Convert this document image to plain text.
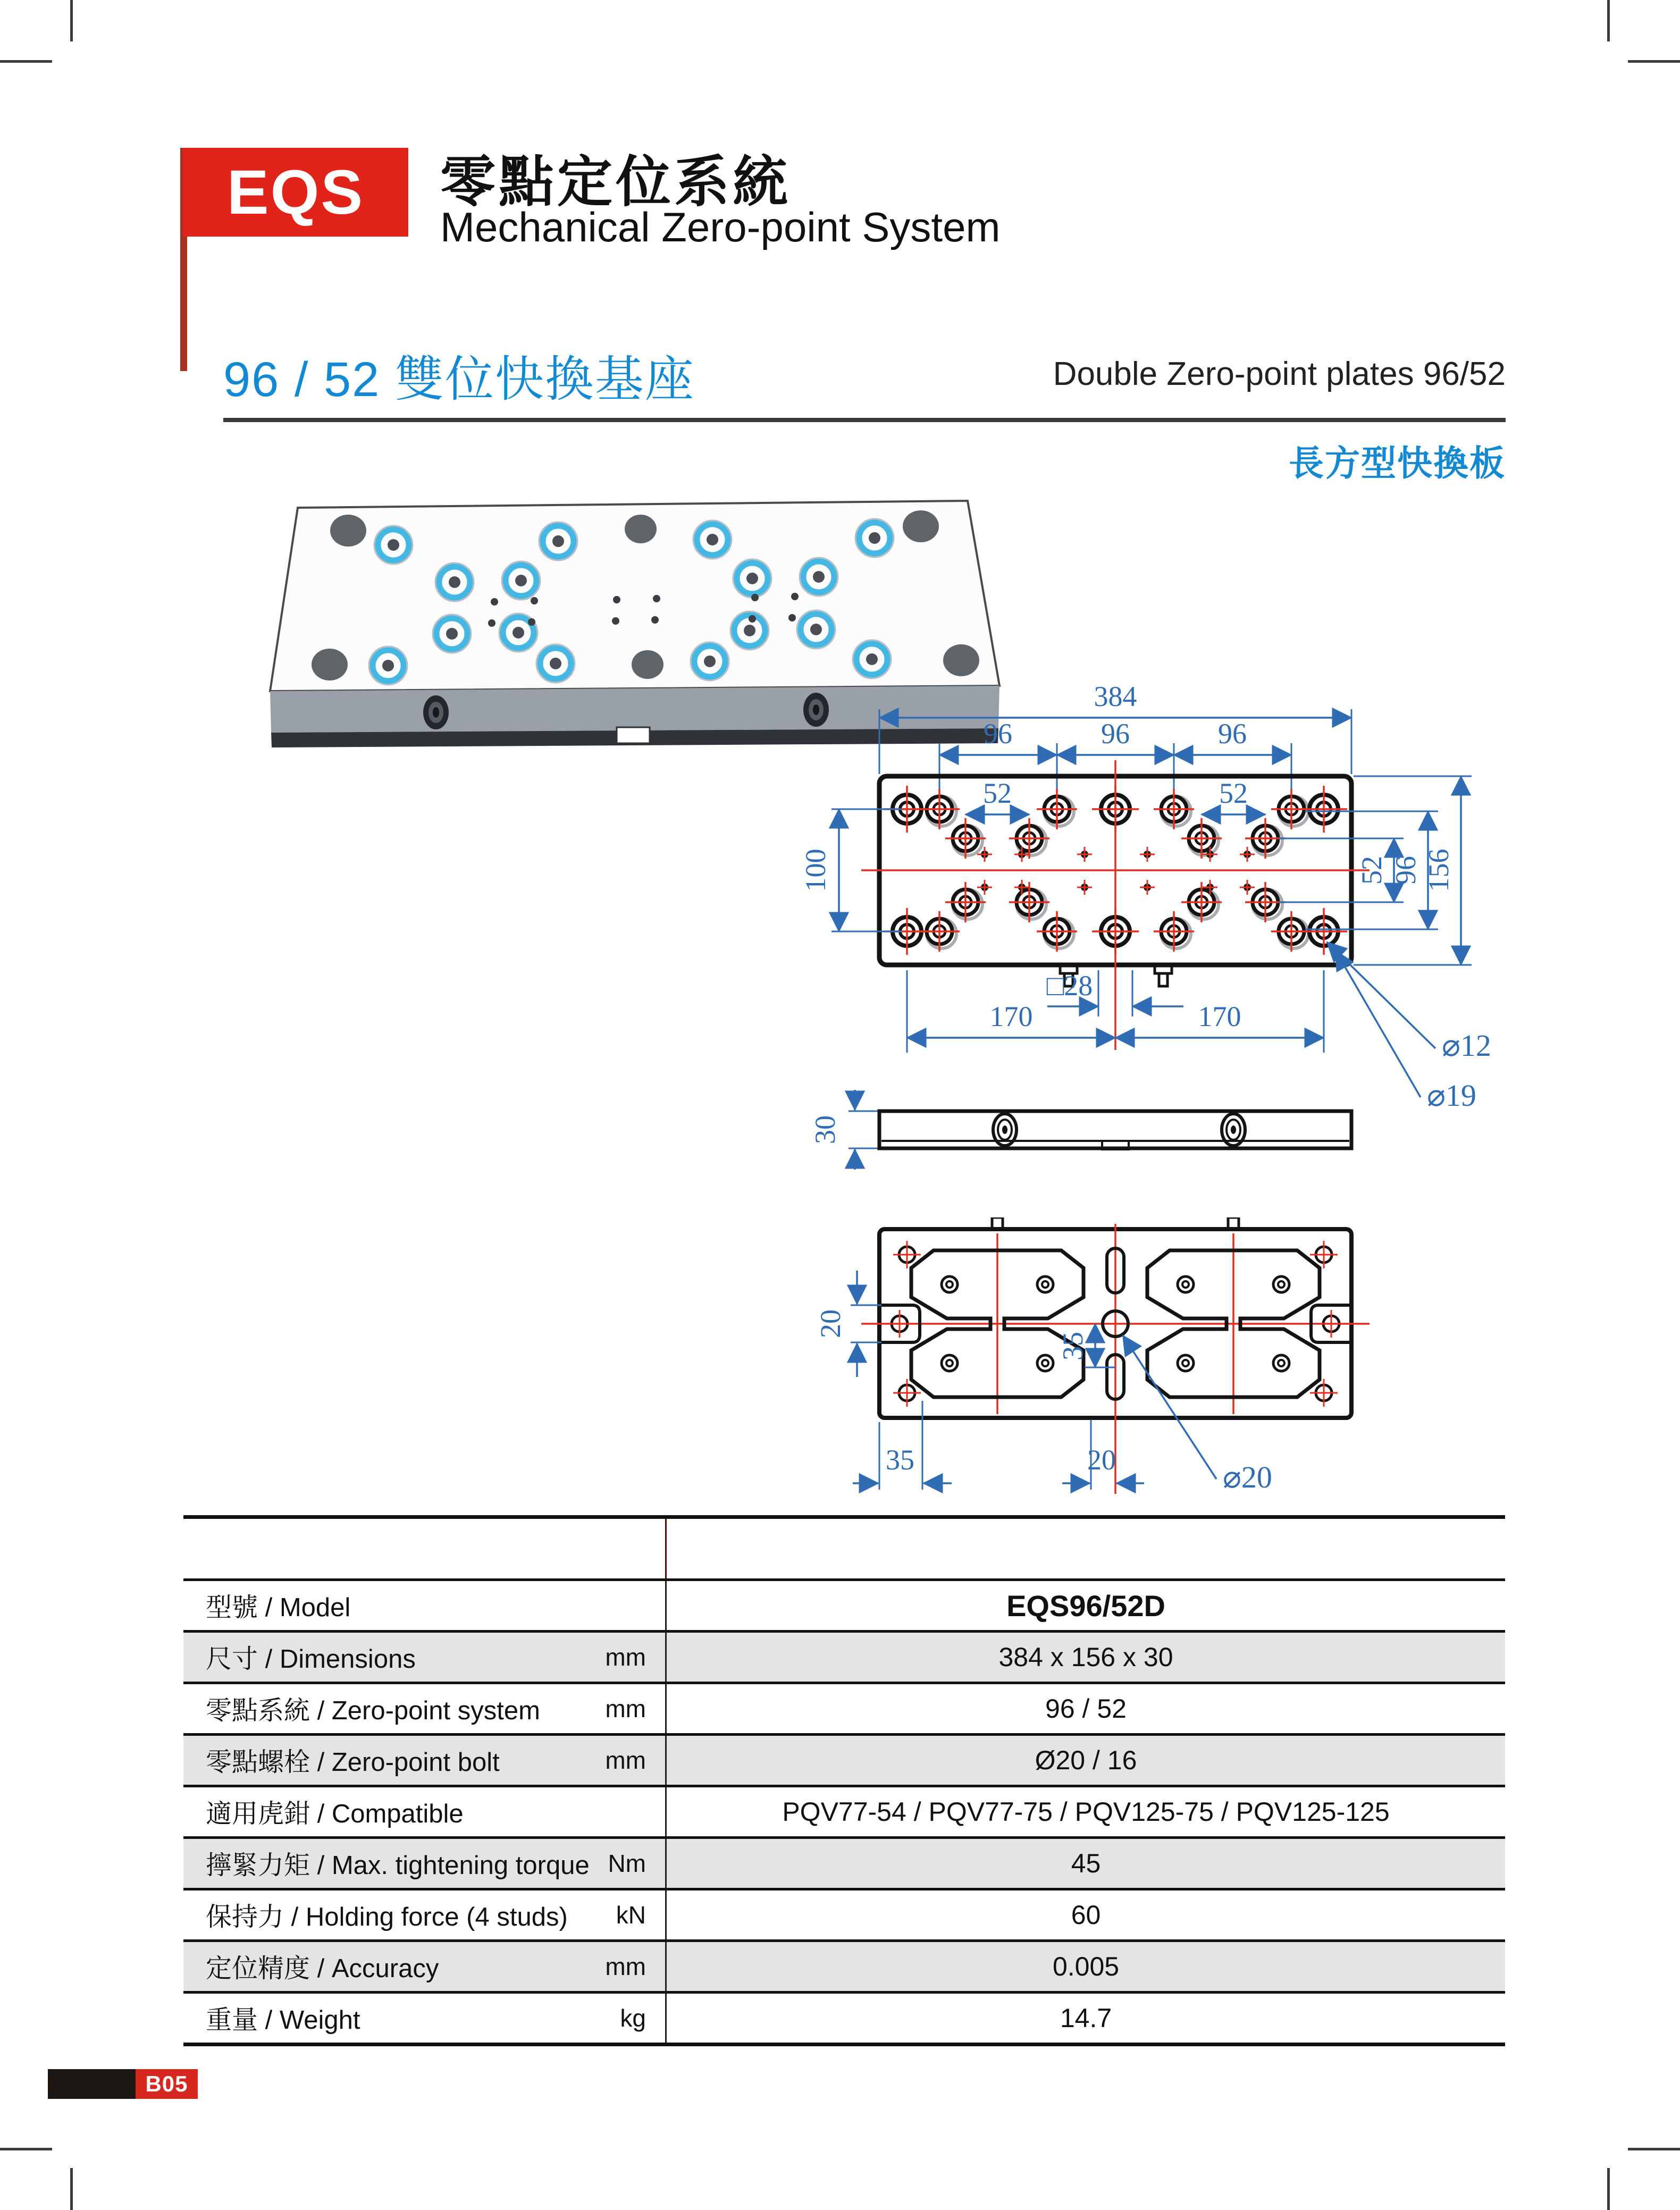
EQS 零點定位系統
Mechanical Zero-point System
96 / 52 雙位快換基座	Double Zero-point plates 96/52
長方型快換板
384
96	96	96
52	52
100	52 96 156
□28
170	170
⌀12
⌀19
30
20
35
35	20	⌀20
訂購編號 / Order No.	64905
型號 / Model	EQS96/52D
尺寸 / Dimensions	mm	384 x 156 x 30
零點系統 / Zero-point system	mm	96 / 52
零點螺栓 / Zero-point bolt	mm	Ø20 / 16
適用虎鉗 / Compatible	PQV77-54 / PQV77-75 / PQV125-75 / PQV125-125
擰緊力矩 / Max. tightening torque Nm	45
保持力 / Holding force (4 studs) kN	60
定位精度 / Accuracy	mm	0.005
重量 / Weight	kg	14.7
B05
